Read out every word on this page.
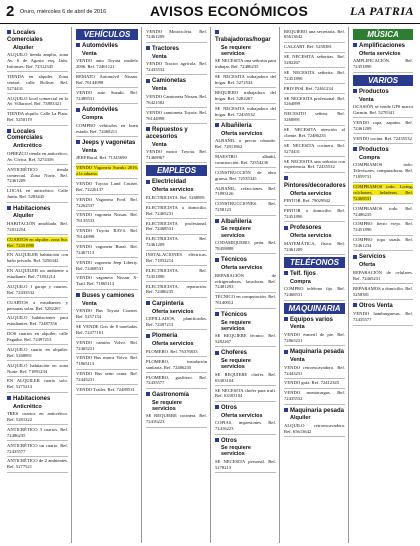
2 Oruro, miércoles 6 de abril de 2016	AVISOS ECONÓMICOS	LA PATRIA
Locales Comerciales
Alquiler
ALQUILO tienda amplia, zona Av. 6 de Agosto esq. Jaén. Informes: Ref. 72312345
TIENDA en alquiler. Zona central, calle Bolívar. Ref. 5274431
ALQUILO local comercial en la Av. Villarroel. Ref. 73803321
TIENDA alquilo. Calle La Plata. Ref. 5250119
Locales Comerciales
Anticrético
OFREZCO tienda en anticrético, Av. Cívica. Ref. 5274356
ANTICRÉTICO tienda comercial. Zona Norte. Ref. 72461209
LOCAL en anticrético. Calle Junín. Ref. 5283445
Habitaciones
Alquiler
HABITACIÓN amoblada. Ref. 72812254
CUARTOS en alquiler, zona Sur. Ref. 72451890
EN ALQUILER habitación con baño privado. Ref. 5256342
EN ALQUILER un ambiente a estudiante. Ref. 71852214
ALQUILO 1 garaje y cuartos. Ref. 72435532
CUARTOS a estudiantes y personas solas. Ref. 5282267
ALQUILO habitaciones para estudiantes. Ref. 72487356
DOS cuartos en alquiler, calle Pagador. Ref. 72497213
ALQUILO cuarto en alquiler. Ref. 5268891
ALQUILO habitación en zona Norte. Ref. 71891234
EN ALQUILER cuarto solo. Ref. 5275213
Habitaciones
Anticrético
TRES cuartos en anticrético. Ref. 5281322
ANTICRÉTICO 3 cuartos. Ref. 72486235
ANTICRÉTICO un cuarto. Ref. 72435577
ANTICRÉTICO de 2 ambientes. Ref. 5277521
VEHÍCULOS
Automóviles
Venta
VENDO auto Toyota modelo 2006. Ref. 72461121
REMATO Automóvil Nissan. Ref. 76144998
VENDO auto Suzuki. Ref. 72489531
Automóviles
Compra
COMPRO vehículos en buen estado. Ref. 72468211
Jeeps y vagonetas
Venta
JEEP Rural. Ref. 71345690
VENDO Vagoneta Suzuki 2016, a la aduana.
VENDO Toyota Land Cruiser. Ref. 72226137
VENDO Vagoneta Ford. Ref. 72262537
VENDO vagoneta Nissan. Ref. 76135533
VENDO Toyota RAV4. Ref. 76144998
VENDO vagoneta Rural. Ref. 72467113
VENDO vagoneta Jeep Liberty. Ref. 72468531
VENDO vagoneta Nissan X-Trail. Ref. 71865113
Buses y camiones
Venta
VENDO Bus Toyota Coaster. Ref. 5257134
SE VENDE Gris de 8 toneladas. Ref. 72477161
VENDO camión Volvo. Ref. 72465231
VENDO Bus marca Volvo. Ref. 71865113
VENDO Bus semi cama. Ref. 72445231
VENDO Trailer. Ref. 72489531
VENDO Motocicleta. Ref. 72461209
Tractores
Venta
VENDO Tractor agrícola. Ref. 72435532
Camionetas
Venta
VENDO Camioneta Nissan. Ref. 76421582
VENDO camioneta Toyota. Ref. 76144998
Repuestos y accesorios
Venta
VENDO motor Toyota. Ref. 71468967
EMPLEOS
Electricidad
Oferta servicios
ELECTRICISTA. Ref. 5268891
ELECTRICISTA a domicilio. Ref. 72465231
ELECTRICISTA profesional. Ref. 72468531
ELECTRICISTA. Ref. 72461209
INSTALACIONES eléctricas. Ref. 71852214
ELECTRICISTA. Ref. 72451890
ELECTRICISTA, reparación. Ref. 72486235
Carpintería
Oferta servicios
CEPILLADOS, planificados. Ref. 72497213
Plomería
Oferta servicios
PLOMERO. Ref. 76376833
PLOMERO, instalación sanitaria. Ref. 72486235
PLOMERO, gasfitero. Ref. 72435577
Gastronomía
Se requiere servicios
SE REQUIERE cocinera. Ref. 72416223
Trabajadoras/hogar
Se requiere servicios
SE NECESITA una señorita para trabajar. Ref. 72486235
SE NECESITA trabajadora del hogar. Ref. 5272534
REQUIERO trabajadora del hogar. Ref. 5282267
SE NECESITA trabajadora del hogar. Ref. 72435532
Albañilería
Oferta servicios
ALBAÑIL a precio cómodo. Ref. 72811862
MAESTRO albañil, construcción. Ref. 72354236
CONSTRUCCIÓN de obra gruesa. Ref. 72535345
ALBAÑIL, refacciones. Ref. 71893126
CONSTRUCCIONES. Ref. 7258123
Albañilería
Se requiere servicios
CODAMIQUERO, peón. Ref. 78458888
Técnicos
Oferta servicios
REPARACIÓN de refrigeradores, lavadoras. Ref. 72481293
TÉCNICO en computación. Ref. 76140012
Técnicos
Se requiere servicios
SE REQUIERE técnico. Ref. 5282267
Choferes
Se requiere servicios
SE REQUIERE chofer. Ref. 63303104
SE NECESITA chofer para trufi. Ref. 63303104
Otros
Oferta servicios
COPIAS, impresiones. Ref. 72416223
Otros
Se requiere servicios
SE NECESITA personal. Ref. 5278213
REQUIERO una secretaria. Ref. 65613642
CALZART. Ref. 5258381
SE NECESITA señoritas. Ref. 5282267
SE NECESITA señorita. Ref. 72451890
PRIVINSI. Ref. 72461234
SE NECESITA profesional. Ref. 5264899
NECESITO señora. Ref. 5268891
SE NECESITA atención al cliente. Ref. 72486235
SE NECESITA cocinera. Ref. 5274431
SE NECESITA una señorita con experiencia. Ref. 72435532
Pintores/decoradores
Oferta servicios
PINTOR. Ref. 79029942
PINTOR a domicilio. Ref. 72451890
Profesores
Oferta servicios
MATEMÁTICA, física. Ref. 72461209
TELÉFONOS
Telf. fijos
Compra
COMPRO teléfono fijo. Ref. 72468531
MAQUINARIA
Equipos varios
Venta
VENDO esmeril de pie. Ref. 72865231
Maquinaria pesada
Venta
VENDO retroexcavadora. Ref. 72443231
VENDO grúa. Ref. 72412345
VENDO montacargas. Ref. 72435532
Maquinaria pesada
Alquiler
ALQUILO retroexcavadora. Ref. 65613642
MÚSICA
Amplificaciones
Oferta servicios
AMPLIFICACIÓN. Ref. 72451890
VARIOS
Productos
Venta
OCASIÓN se vende GPS marca Garmin. Ref. 5270341
VENDO ropa, zapatos. Ref. 72461209
VENDO cocina. Ref. 72435532
Productos
Compra
COMPRAMOS todo: Televisores, computadoras. Ref. 71859731
COMPRAMOS todo: Living, colchones, heladeras. Ref. 72468531
COMPRAMOS todo. Ref. 72486235
COMPRO fierro viejo. Ref. 72451890
COMPRO ropa usada. Ref. 72461234
Servicios
Oferta
REPARACIÓN de celulares. Ref. 72465231
REPARAMOS a domicilio. Ref. 5258381
Otros Venta
VENDO hamburguesas. Ref. 72435577
